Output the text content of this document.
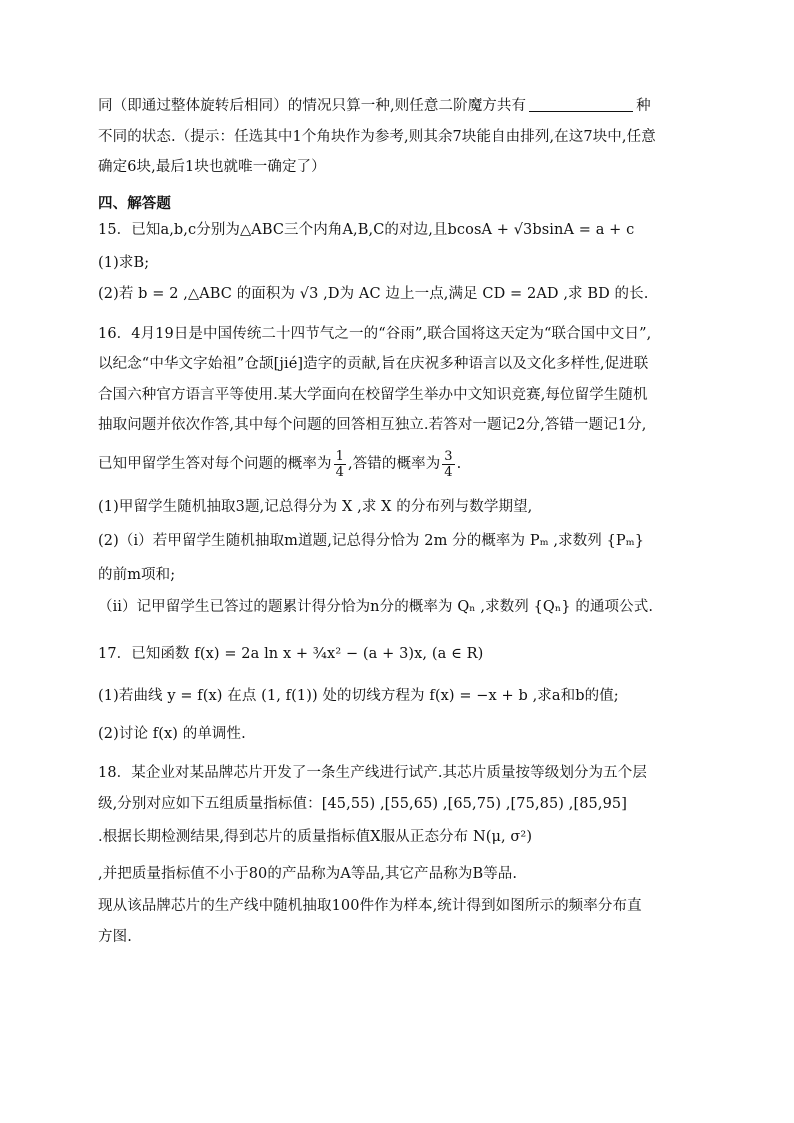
同（即通过整体旋转后相同）的情况只算一种,则任意二阶魔方共有	种
不同的状态.（提示：任选其中1个角块作为参考,则其余7块能自由排列,在这7块中,任意
确定6块,最后1块也就唯一确定了）
四、解答题
15．已知a,b,c分别为△ABC三个内角A,B,C的对边,且bcosA + √3bsinA = a + c
(1)求B;
(2)若 b = 2 ,△ABC 的面积为 √3 ,D为 AC 边上一点,满足 CD = 2AD ,求 BD 的长.
16．4月19日是中国传统二十四节气之一的“谷雨”,联合国将这天定为“联合国中文日”,
以纪念“中华文字始祖”仓颉[jié]造字的贡献,旨在庆祝多种语言以及文化多样性,促进联
合国六种官方语言平等使用.某大学面向在校留学生举办中文知识竞赛,每位留学生随机
抽取问题并依次作答,其中每个问题的回答相互独立.若答对一题记2分,答错一题记1分,
已知甲留学生答对每个问题的概率为 $\frac{1}{4}$ ,答错的概率为 $\frac{3}{4}$ .
(1)甲留学生随机抽取3题,记总得分为 X ,求 X 的分布列与数学期望,
(2)（ⅰ）若甲留学生随机抽取m道题,记总得分恰为 2m 分的概率为 Pₘ ,求数列 {Pₘ}
的前m项和;
（ⅱ）记甲留学生已答过的题累计得分恰为n分的概率为 Qₙ ,求数列 {Qₙ} 的通项公式.
17．已知函数 f(x) = 2a ln x + ¾x² − (a + 3)x, (a ∈ R)
(1)若曲线 y = f(x) 在点 (1, f(1)) 处的切线方程为 f(x) = −x + b ,求a和b的值;
(2)讨论 f(x) 的单调性.
18．某企业对某品牌芯片开发了一条生产线进行试产.其芯片质量按等级划分为五个层
级,分别对应如下五组质量指标值：[45,55) ,[55,65) ,[65,75) ,[75,85) ,[85,95]
.根据长期检测结果,得到芯片的质量指标值X服从正态分布 N(μ, σ²)
,并把质量指标值不小于80的产品称为A等品,其它产品称为B等品.
现从该品牌芯片的生产线中随机抽取100件作为样本,统计得到如图所示的频率分布直
方图.
